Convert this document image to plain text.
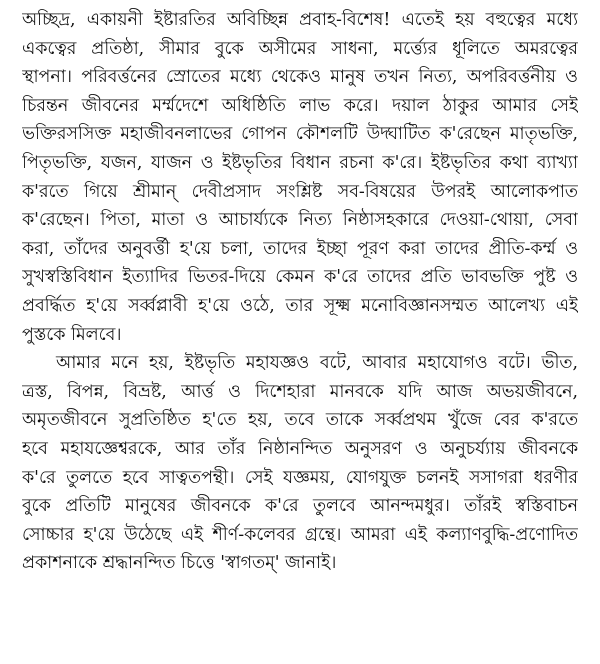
অচ্ছিদ্র, একায়নী ইষ্টারতির অবিচ্ছিন্ন প্রবাহ-বিশেষ! এতেই হয় বহুত্বের মধ্যে
একত্বের প্রতিষ্ঠা, সীমার বুকে অসীমের সাধনা, মর্ত্ত্যের ধূলিতে অমরত্বের
স্থাপনা। পরিবর্ত্তনের স্রোতের মধ্যে থেকেও মানুষ তখন নিত্য, অপরিবর্ত্তনীয় ও
চিরন্তন জীবনের মর্ম্মদেশে অধিষ্ঠিতি লাভ করে। দয়াল ঠাকুর আমার সেই
ভক্তিরসসিক্ত মহাজীবনলাভের গোপন কৌশলটি উদ্ঘাটিত ক'রেছেন মাতৃভক্তি,
পিতৃভক্তি, যজন, যাজন ও ইষ্টভৃতির বিধান রচনা ক'রে। ইষ্টভৃতির কথা ব্যাখ্যা
ক'রতে গিয়ে শ্রীমান্ দেবীপ্রসাদ সংশ্লিষ্ট সব-বিষয়ের উপরই আলোকপাত
ক'রেছেন। পিতা, মাতা ও আচার্য্যকে নিত্য নিষ্ঠাসহকারে দেওয়া-থোয়া, সেবা
করা, তাঁদের অনুবর্ত্তী হ'য়ে চলা, তাদের ইচ্ছা পূরণ করা তাদের প্রীতি-কর্ম্ম ও
সুখস্বস্তিবিধান ইত্যাদির ভিতর-দিয়ে কেমন ক'রে তাদের প্রতি ভাবভক্তি পুষ্ট ও
প্রবর্দ্ধিত হ'য়ে সর্ব্বপ্লাবী হ'য়ে ওঠে, তার সূক্ষ্ম মনোবিজ্ঞানসম্মত আলেখ্য এই
পুস্তকে মিলবে।

আমার মনে হয়, ইষ্টভৃতি মহাযজ্ঞও বটে, আবার মহাযোগও বটে। ভীত,
ত্রস্ত, বিপন্ন, বিভ্রষ্ট, আর্ত্ত ও দিশেহারা মানবকে যদি আজ অভয়জীবনে,
অমৃতজীবনে সুপ্রতিষ্ঠিত হ'তে হয়, তবে তাকে সর্ব্বপ্রথম খুঁজে বের ক'রতে
হবে মহাযজ্ঞেশ্বরকে, আর তাঁর নিষ্ঠানন্দিত অনুসরণ ও অনুচর্য্যায় জীবনকে
ক'রে তুলতে হবে সাত্বতপন্থী। সেই যজ্ঞময়, যোগযুক্ত চলনই সসাগরা ধরণীর
বুকে প্রতিটি মানুষের জীবনকে ক'রে তুলবে আনন্দমধুর। তাঁরই স্বস্তিবাচন
সোচ্চার হ'য়ে উঠেছে এই শীর্ণ-কলেবর গ্রন্থে। আমরা এই কল্যাণবুদ্ধি-প্রণোদিত
প্রকাশনাকে শ্রদ্ধানন্দিত চিত্তে 'স্বাগতম্' জানাই।
